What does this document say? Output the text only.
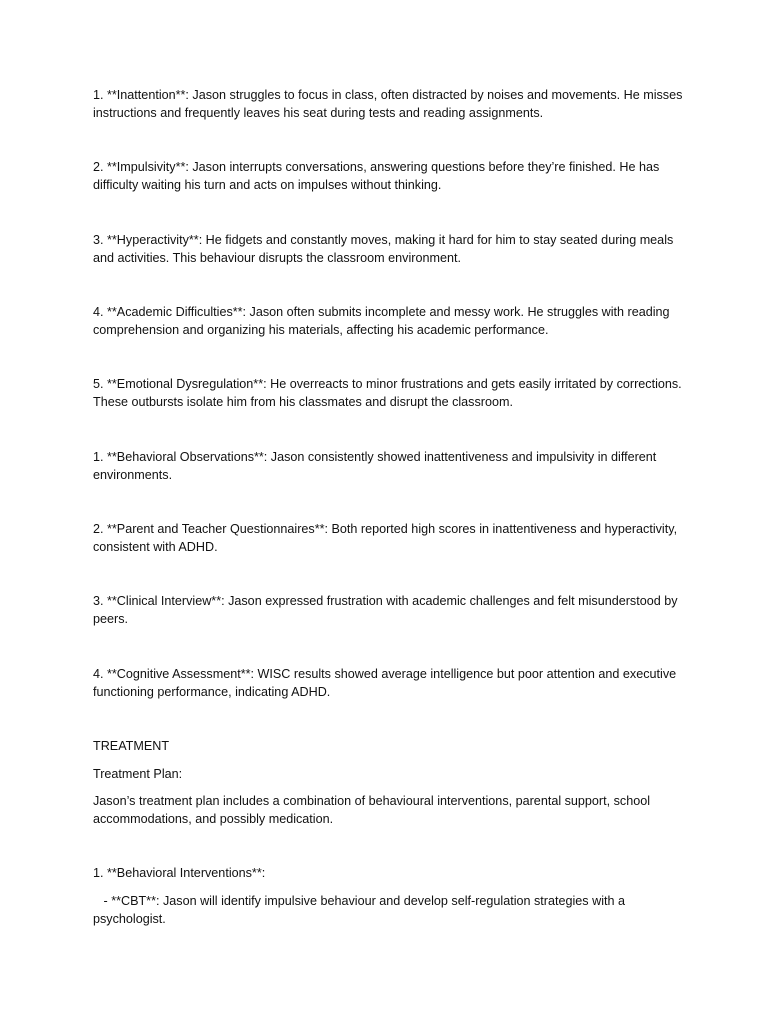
1. **Inattention**: Jason struggles to focus in class, often distracted by noises and movements. He misses instructions and frequently leaves his seat during tests and reading assignments.

2. **Impulsivity**: Jason interrupts conversations, answering questions before they’re finished. He has difficulty waiting his turn and acts on impulses without thinking.

3. **Hyperactivity**: He fidgets and constantly moves, making it hard for him to stay seated during meals and activities. This behaviour disrupts the classroom environment.

4. **Academic Difficulties**: Jason often submits incomplete and messy work. He struggles with reading comprehension and organizing his materials, affecting his academic performance.

5. **Emotional Dysregulation**: He overreacts to minor frustrations and gets easily irritated by corrections. These outbursts isolate him from his classmates and disrupt the classroom.

1. **Behavioral Observations**: Jason consistently showed inattentiveness and impulsivity in different environments.

2. **Parent and Teacher Questionnaires**: Both reported high scores in inattentiveness and hyperactivity, consistent with ADHD.

3. **Clinical Interview**: Jason expressed frustration with academic challenges and felt misunderstood by peers.

4. **Cognitive Assessment**: WISC results showed average intelligence but poor attention and executive functioning performance, indicating ADHD.

TREATMENT

Treatment Plan:

Jason’s treatment plan includes a combination of behavioural interventions, parental support, school accommodations, and possibly medication.

1. **Behavioral Interventions**:

- **CBT**: Jason will identify impulsive behaviour and develop self-regulation strategies with a psychologist.
